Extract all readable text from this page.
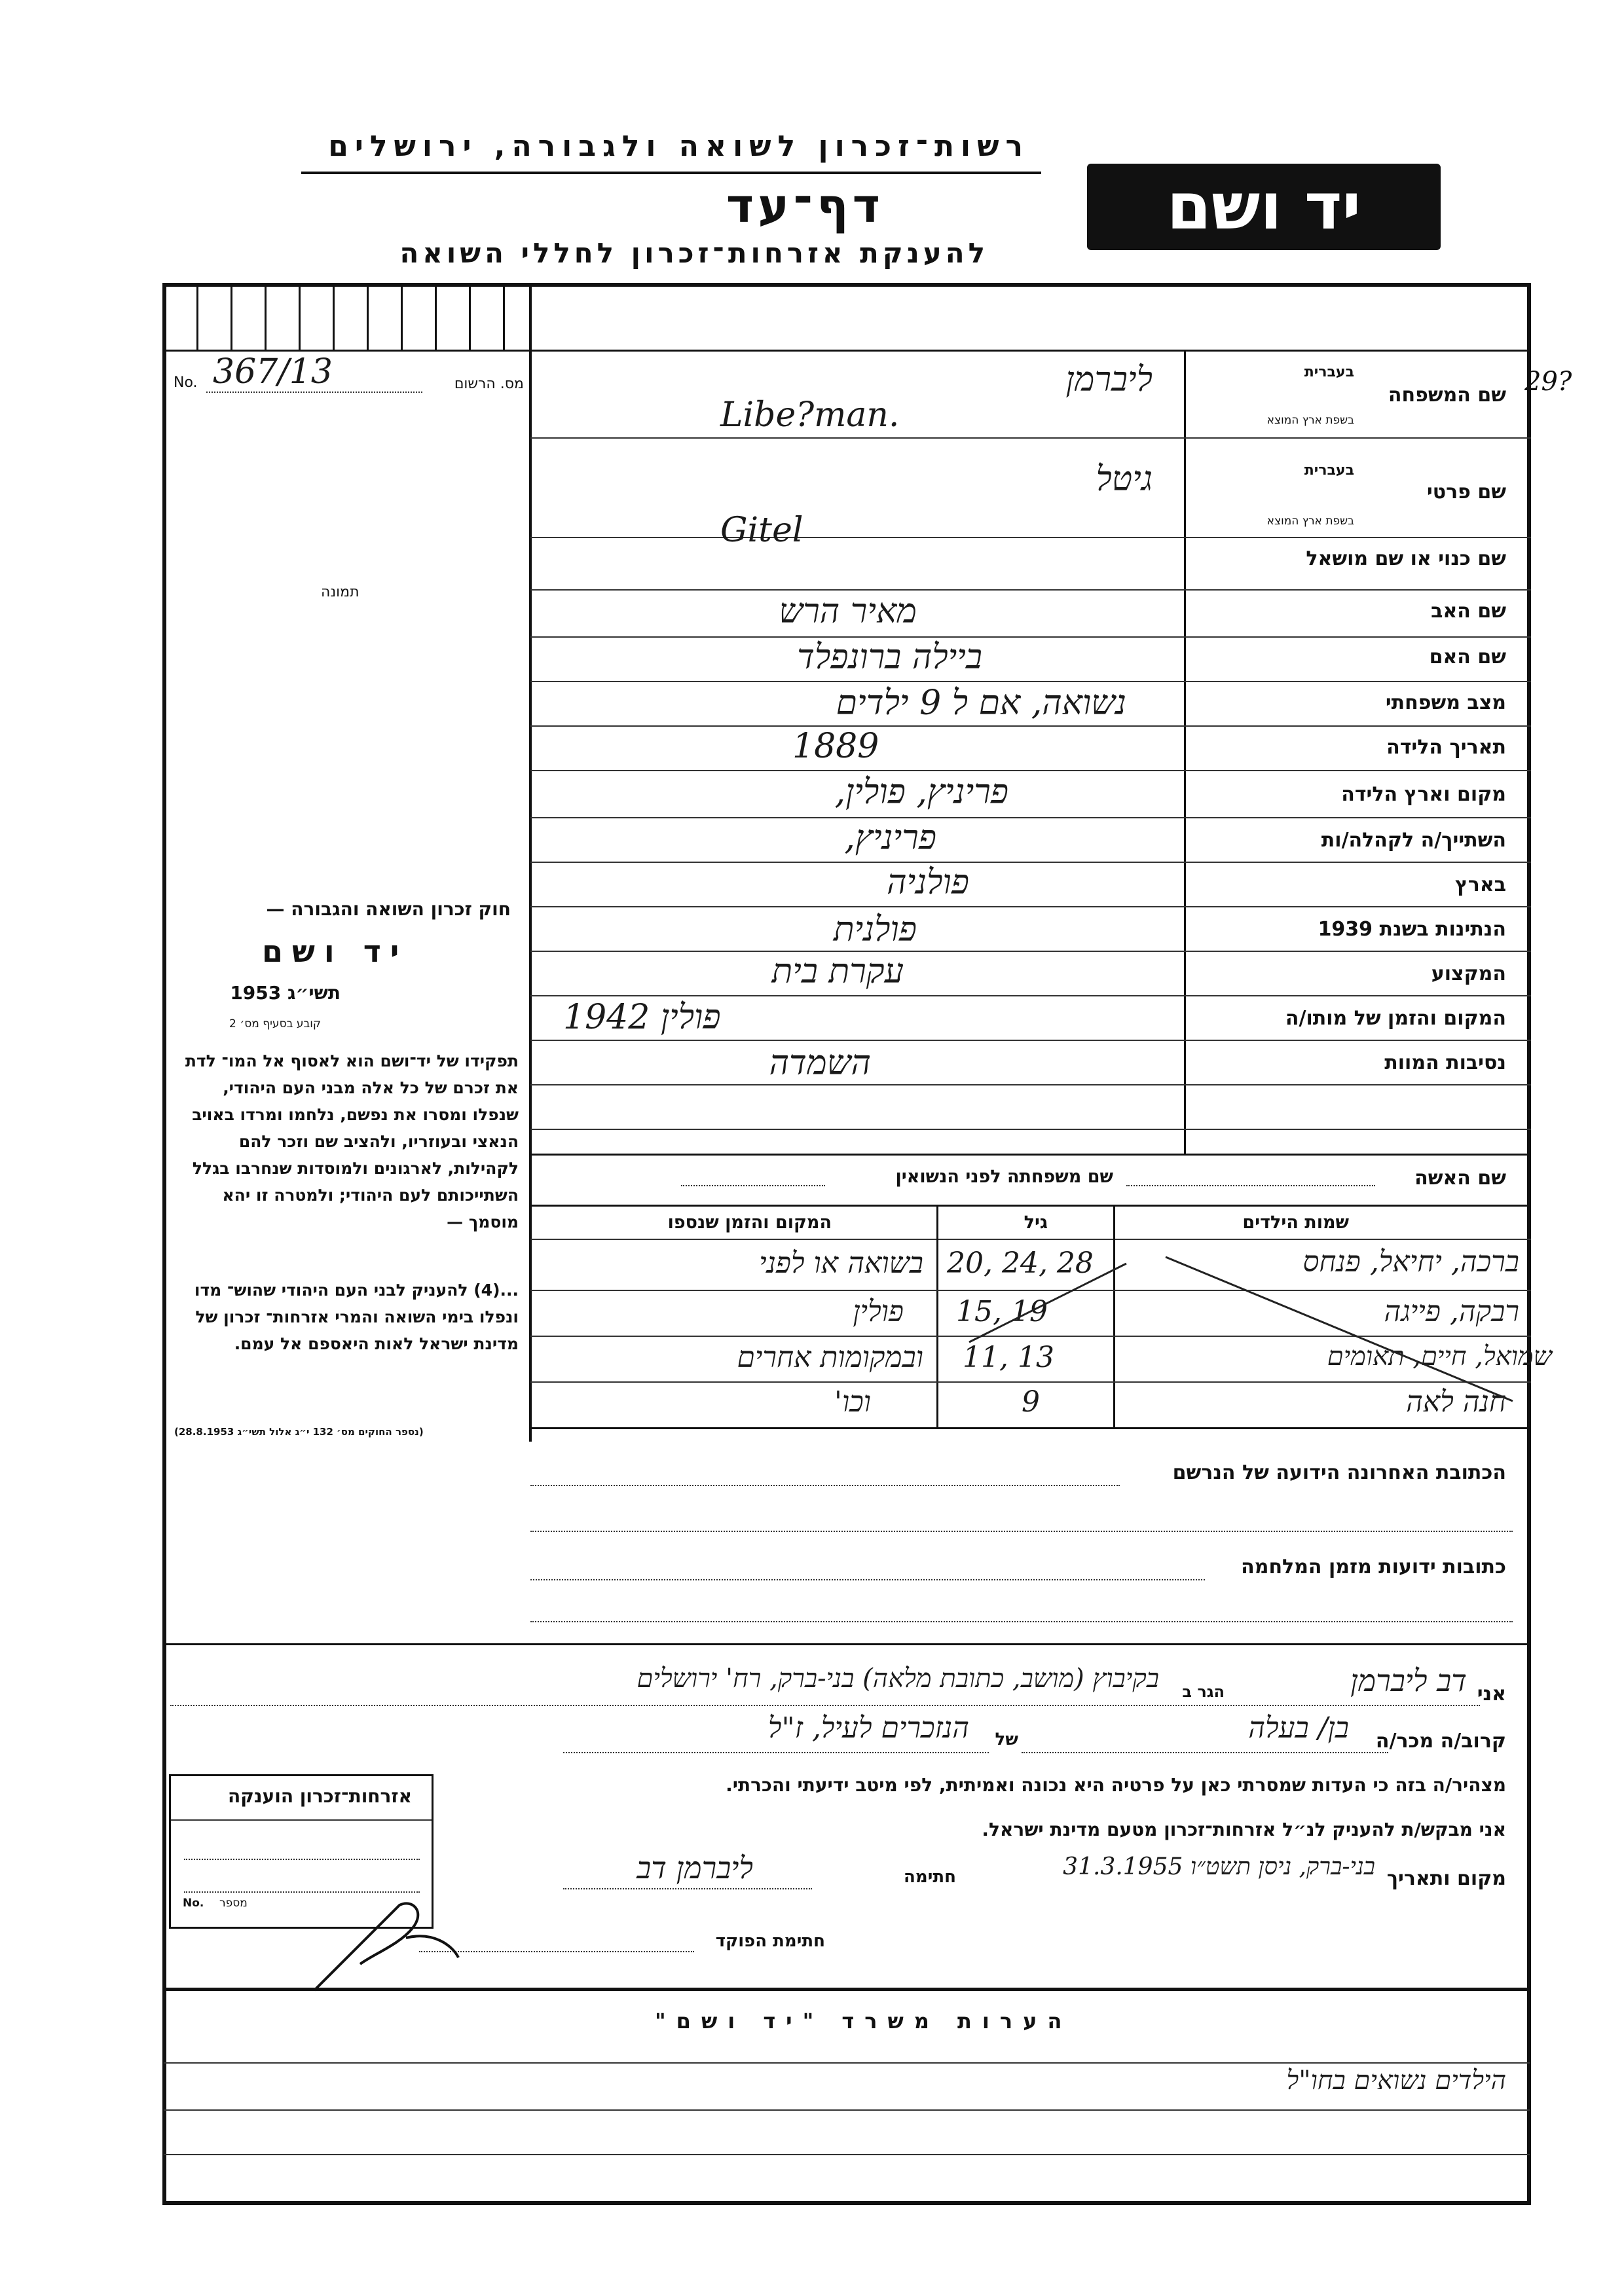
רשות־זכרון לשואה ולגבורה, ירושלים
דף־עד
להענקת אזרחות־זכרון לחללי השואה
יד ושם
29?
No. 367/13	מס. הרשום
תמונה
שם המשפחה
בעברית
בשפת ארץ המוצא
ליברמן
Libe?man.
שם פרטי
בעברית
בשפת ארץ המוצא
גיטל
Gitel
שם כנוי או שם מושאל
שם האב
מאיר הרש
שם האם
ביילה ברונפלד
מצב משפחתי
נשואה, אם ל 9 ילדים
תאריך הלידה
1889
מקום וארץ הלידה
פריניץ, פולין,
השתייך/ה לקהלה/ות
פריניץ,
בארץ
פולניה
הנתינות בשנת 1939
פולנית
המקצוע
עקרת בית
המקום והזמן של מותו/ה
1942 פולין
נסיבות המוות
השמדה
שם האשה
שם משפחתה לפני הנשואין
שמות הילדים
גיל
המקום והזמן שנספו
ברכה, יחיאל, פנחס
20, 24, 28
בשואה או לפני
רבקה, פייגה
15, 19
פולין
שמואל, חיים, תאומים
11, 13
ובמקומות אחרים
חנה לאה
9
וכו'
חוק זכרון השואה והגבורה —
יד ושם
תשי״ג 1953
קובע בסעיף מס׳ 2
תפקידו של יד־ושם הוא לאסוף אל המו־ לדת את זכרם של כל אלה מבני העם היהודי, שנפלו ומסרו את נפשם, נלחמו ומרדו באויב הנאצי ובעוזריו, ולהציב שם וזכר להם לקהילות, לארגונים ולמוסדות שנחרבו בגלל השתייכותם לעם היהודי; ולמטרה זו יהא מוסמך —
...(4) להעניק לבני העם היהודי שהוש־ מדו ונפלו בימי השואה והמרי אזרחות־ זכרון של מדינת ישראל לאות היאספם אל עמם.
(נספר החוקים מס׳ 132 י״ג אלול תשי״ג 28.8.1953)
הכתובת האחרונה הידועה של הנרשם
כתובות ידועות מזמן המלחמה
אני
דב ליברמן
הגר ב
בקיבוץ (מושב, כתובת מלאה) בני-ברק, רח' ירושלים
קרוב/ה מכר/ה
בן/ בעלה
של
הנזכרים לעיל, ז"ל
מצהיר/ה בזה כי העדות שמסרתי כאן על פרטיה היא נכונה ואמיתית, לפי מיטב ידיעתי והכרתי.
אני מבקש/ת להעניק לנ״ל אזרחות־זכרון מטעם מדינת ישראל.
מקום ותאריך
בני-ברק, ניסן תשט״ו 31.3.1955
חתימה
ליברמן דב
חתימת הפוקד
אזרחות־זכרון הוענקה
No. מספר
הערות משרד "יד ושם"
הילדים נשואים בחו"ל
